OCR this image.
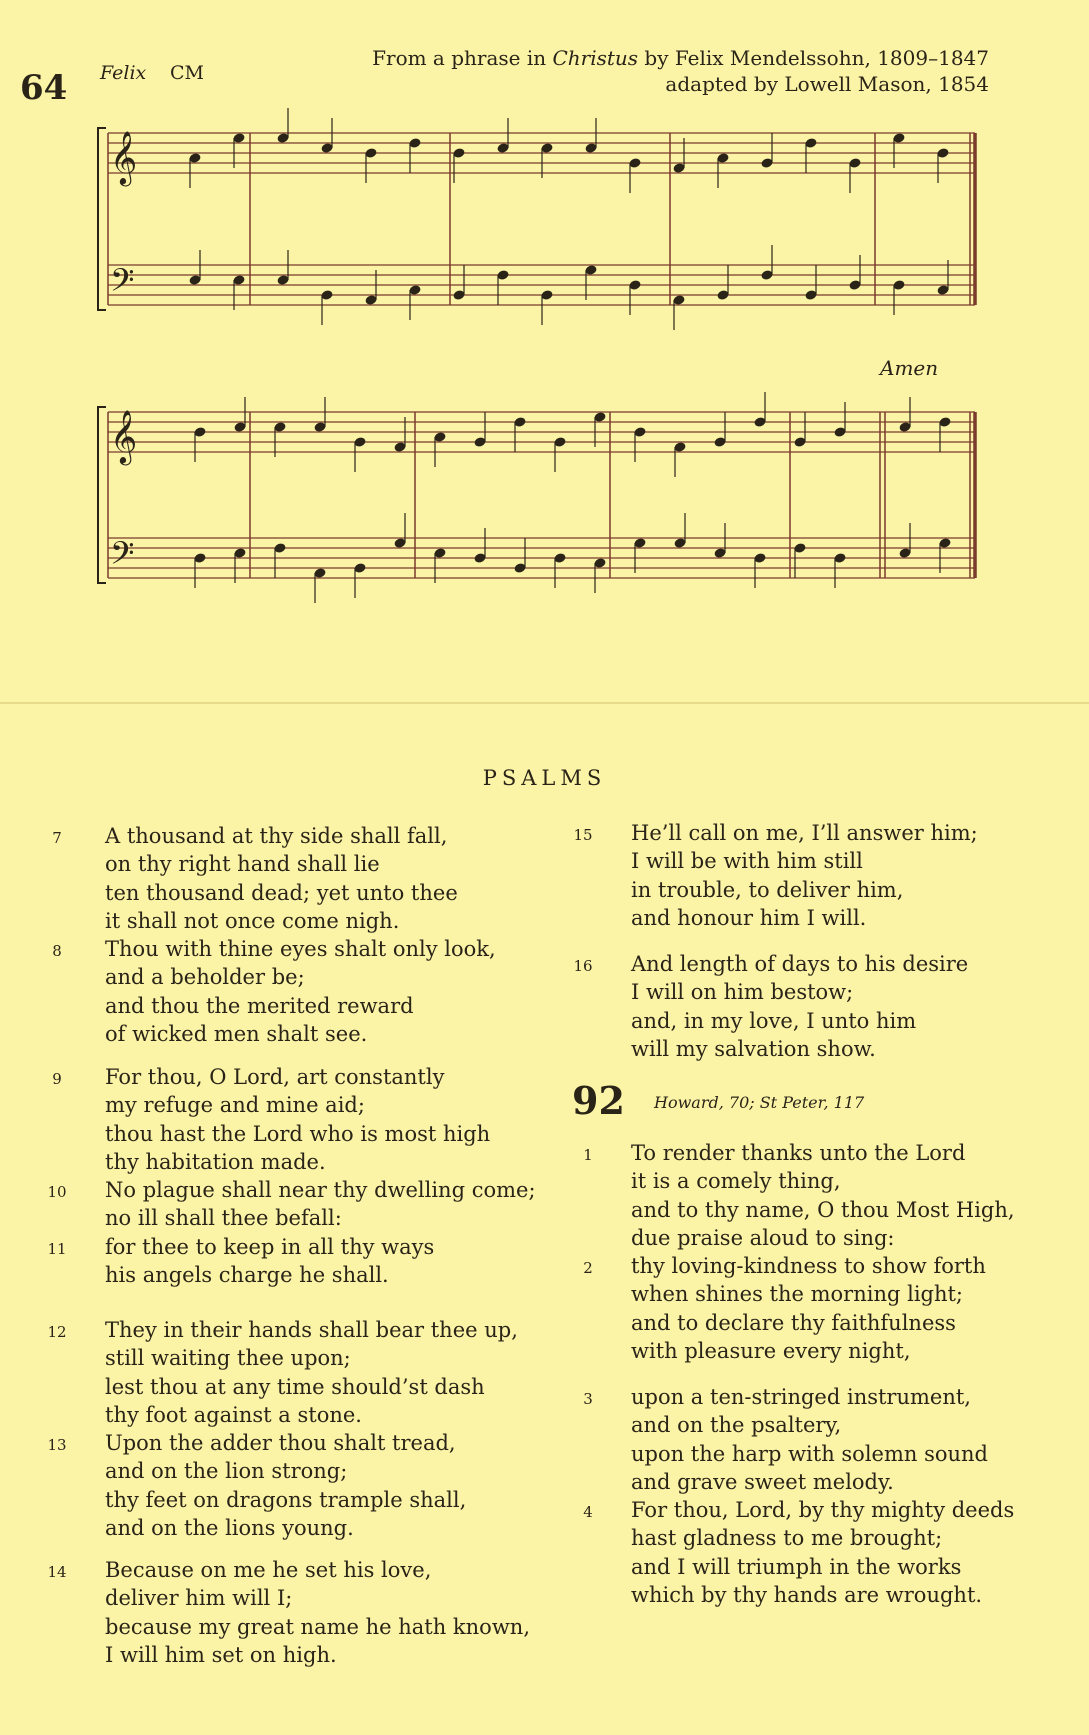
64 Felix CM
From a phrase in Christus by Felix Mendelssohn, 1809–1847
adapted by Lowell Mason, 1854
𝄞
𝄢
𝄞
𝄢
Amen
PSALMS
7	A thousand at thy side shall fall,
on thy right hand shall lie
ten thousand dead; yet unto thee
it shall not once come nigh.
8	Thou with thine eyes shalt only look,
and a beholder be;
and thou the merited reward
of wicked men shalt see.
9	For thou, O Lord, art constantly
my refuge and mine aid;
thou hast the Lord who is most high
thy habitation made.
10	No plague shall near thy dwelling come;
no ill shall thee befall:
11	for thee to keep in all thy ways
his angels charge he shall.
12	They in their hands shall bear thee up,
still waiting thee upon;
lest thou at any time should’st dash
thy foot against a stone.
13	Upon the adder thou shalt tread,
and on the lion strong;
thy feet on dragons trample shall,
and on the lions young.
14	Because on me he set his love,
deliver him will I;
because my great name he hath known,
I will him set on high.
15	He’ll call on me, I’ll answer him;
I will be with him still
in trouble, to deliver him,
and honour him I will.
16	And length of days to his desire
I will on him bestow;
and, in my love, I unto him
will my salvation show.
92 Howard, 70; St Peter, 117
1	To render thanks unto the Lord
it is a comely thing,
and to thy name, O thou Most High,
due praise aloud to sing:
2	thy loving-kindness to show forth
when shines the morning light;
and to declare thy faithfulness
with pleasure every night,
3	upon a ten-stringed instrument,
and on the psaltery,
upon the harp with solemn sound
and grave sweet melody.
4	For thou, Lord, by thy mighty deeds
hast gladness to me brought;
and I will triumph in the works
which by thy hands are wrought.
